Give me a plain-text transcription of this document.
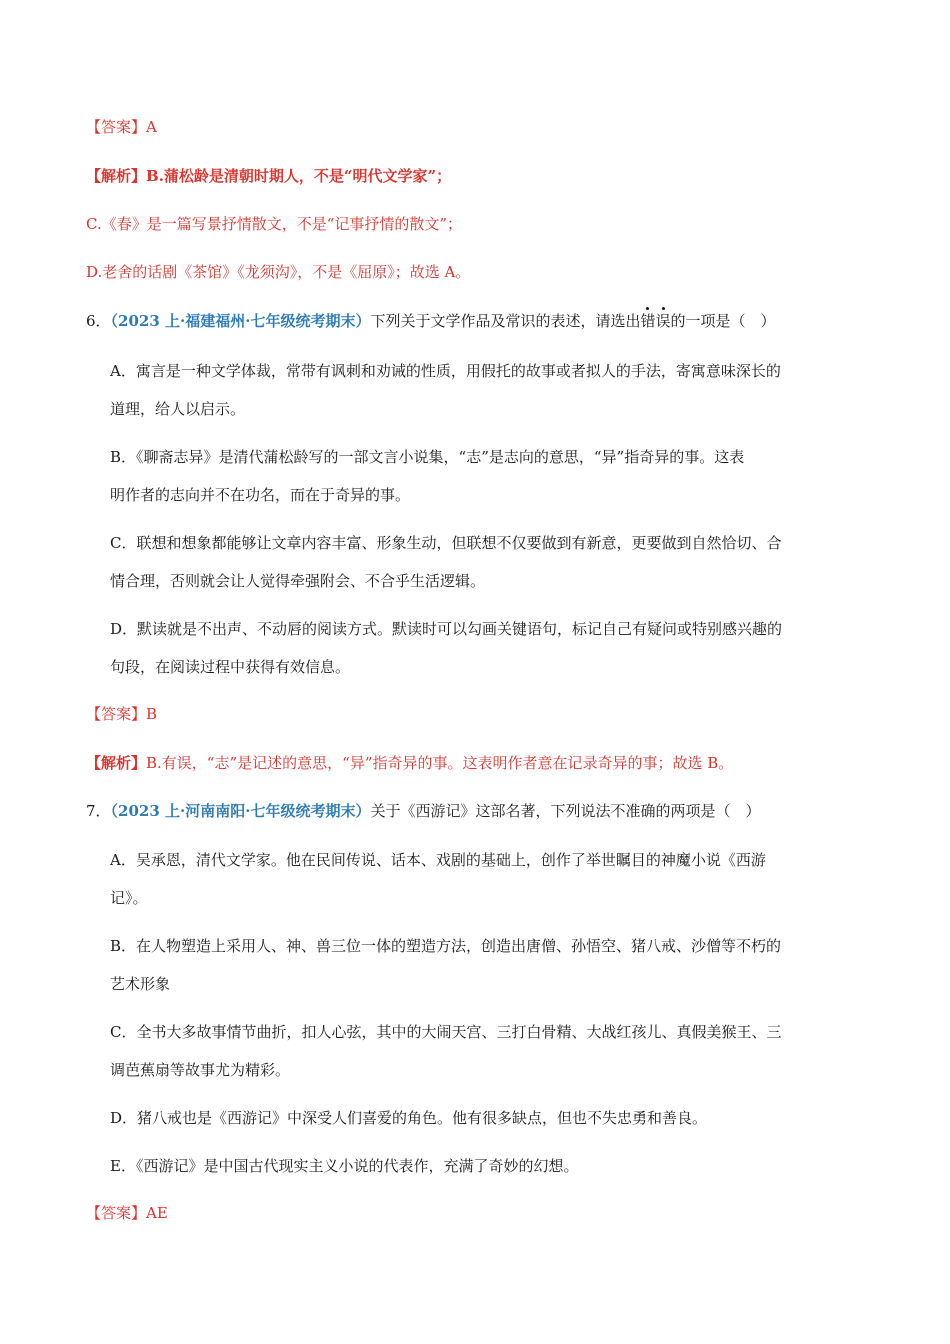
【答案】A
【解析】B.蒲松龄是清朝时期人，不是“明代文学家”；
C.《春》是一篇写景抒情散文，不是“记事抒情的散文”；
D.老舍的话剧《茶馆》《龙须沟》，不是《屈原》；故选 A。
6．（2023 上·福建福州·七年级统考期末）下列关于文学作品及常识的表述，请选出错误的一项是（　）
A．寓言是一种文学体裁，常带有讽刺和劝诫的性质，用假托的故事或者拟人的手法，寄寓意味深长的
道理，给人以启示。
B．《聊斋志异》是清代蒲松龄写的一部文言小说集，“志”是志向的意思，“异”指奇异的事。这表
明作者的志向并不在功名，而在于奇异的事。
C．联想和想象都能够让文章内容丰富、形象生动，但联想不仅要做到有新意，更要做到自然恰切、合
情合理，否则就会让人觉得牵强附会、不合乎生活逻辑。
D．默读就是不出声、不动唇的阅读方式。默读时可以勾画关键语句，标记自己有疑问或特别感兴趣的
句段，在阅读过程中获得有效信息。
【答案】B
【解析】B.有误，“志”是记述的意思，“异”指奇异的事。这表明作者意在记录奇异的事；故选 B。
7．（2023 上·河南南阳·七年级统考期末）关于《西游记》这部名著，下列说法不准确的两项是（　）
A．吴承恩，清代文学家。他在民间传说、话本、戏剧的基础上，创作了举世瞩目的神魔小说《西游
记》。
B．在人物塑造上采用人、神、兽三位一体的塑造方法，创造出唐僧、孙悟空、猪八戒、沙僧等不朽的
艺术形象
C．全书大多故事情节曲折，扣人心弦，其中的大闹天宫、三打白骨精、大战红孩儿、真假美猴王、三
调芭蕉扇等故事尤为精彩。
D．猪八戒也是《西游记》中深受人们喜爱的角色。他有很多缺点，但也不失忠勇和善良。
E．《西游记》是中国古代现实主义小说的代表作，充满了奇妙的幻想。
【答案】AE
